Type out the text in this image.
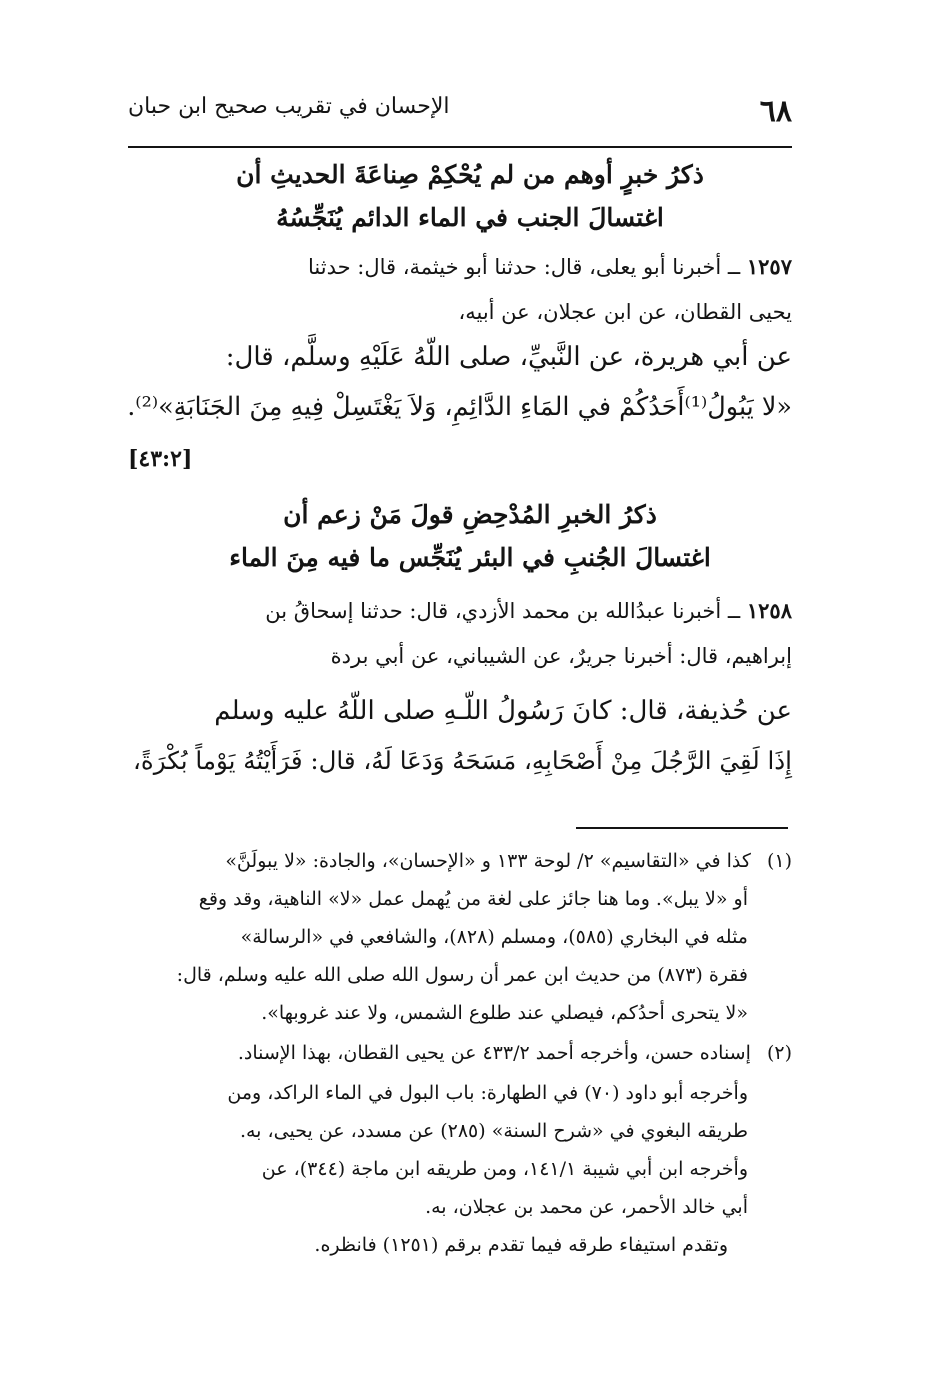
٦٨
الإحسان في تقريب صحيح ابن حبان
ذكرُ خبرٍ أوهم من لم يُحْكِمْ صِناعَةَ الحديثِ أن
اغتسالَ الجنب في الماء الدائم يُنَجِّسُهُ
١٢٥٧ ــ أخبرنا أبو يعلى، قال: حدثنا أبو خيثمة، قال: حدثنا
يحيى القطان، عن ابن عجلان، عن أبيه،
عن أبي هريرة، عن النَّبيِّ، صلى اللّهُ عَلَيْهِ وسلَّم، قال:
«لا يَبُولُ⁽¹⁾أَحَدُكُمْ في المَاءِ الدَّائِمِ، وَلاَ يَغْتَسِلْ فِيهِ مِنَ الجَنَابَةِ»⁽²⁾.
[٤٣:٢]
ذكرُ الخبرِ المُدْحِضِ قولَ مَنْ زعم أن
اغتسالَ الجُنبِ في البئر يُنَجِّس ما فيه مِنَ الماء
١٢٥٨ ــ أخبرنا عبدُالله بن محمد الأزدي، قال: حدثنا إسحاقُ بن
إبراهيم، قال: أخبرنا جريرٌ، عن الشيباني، عن أبي بردة
عن حُذيفة، قال: كانَ رَسُولُ اللّـهِ صلى اللّهُ عليه وسلم
إِذَا لَقِيَ الرَّجُلَ مِنْ أَصْحَابِهِ، مَسَحَهُ وَدَعَا لَهُ، قال: فَرَأَيْتُهُ يَوْماً بُكْرَةً،
(١) كذا في «التقاسيم» ٢/ لوحة ١٣٣ و «الإحسان»، والجادة: «لا يبولَنَّ»
أو «لا يبل». وما هنا جائز على لغة من يُهمل عمل «لا» الناهية، وقد وقع
مثله في البخاري (٥٨٥)، ومسلم (٨٢٨)، والشافعي في «الرسالة»
فقرة (٨٧٣) من حديث ابن عمر أن رسول الله صلى الله عليه وسلم، قال:
«لا يتحرى أحدُكم، فيصلي عند طلوع الشمس، ولا عند غروبها».
(٢) إسناده حسن، وأخرجه أحمد ٤٣٣/٢ عن يحيى القطان، بهذا الإسناد.
وأخرجه أبو داود (٧٠) في الطهارة: باب البول في الماء الراكد، ومن
طريقه البغوي في «شرح السنة» (٢٨٥) عن مسدد، عن يحيى، به.
وأخرجه ابن أبي شيبة ١٤١/١، ومن طريقه ابن ماجة (٣٤٤)، عن
أبي خالد الأحمر، عن محمد بن عجلان، به.
وتقدم استيفاء طرقه فيما تقدم برقم (١٢٥١) فانظره.
